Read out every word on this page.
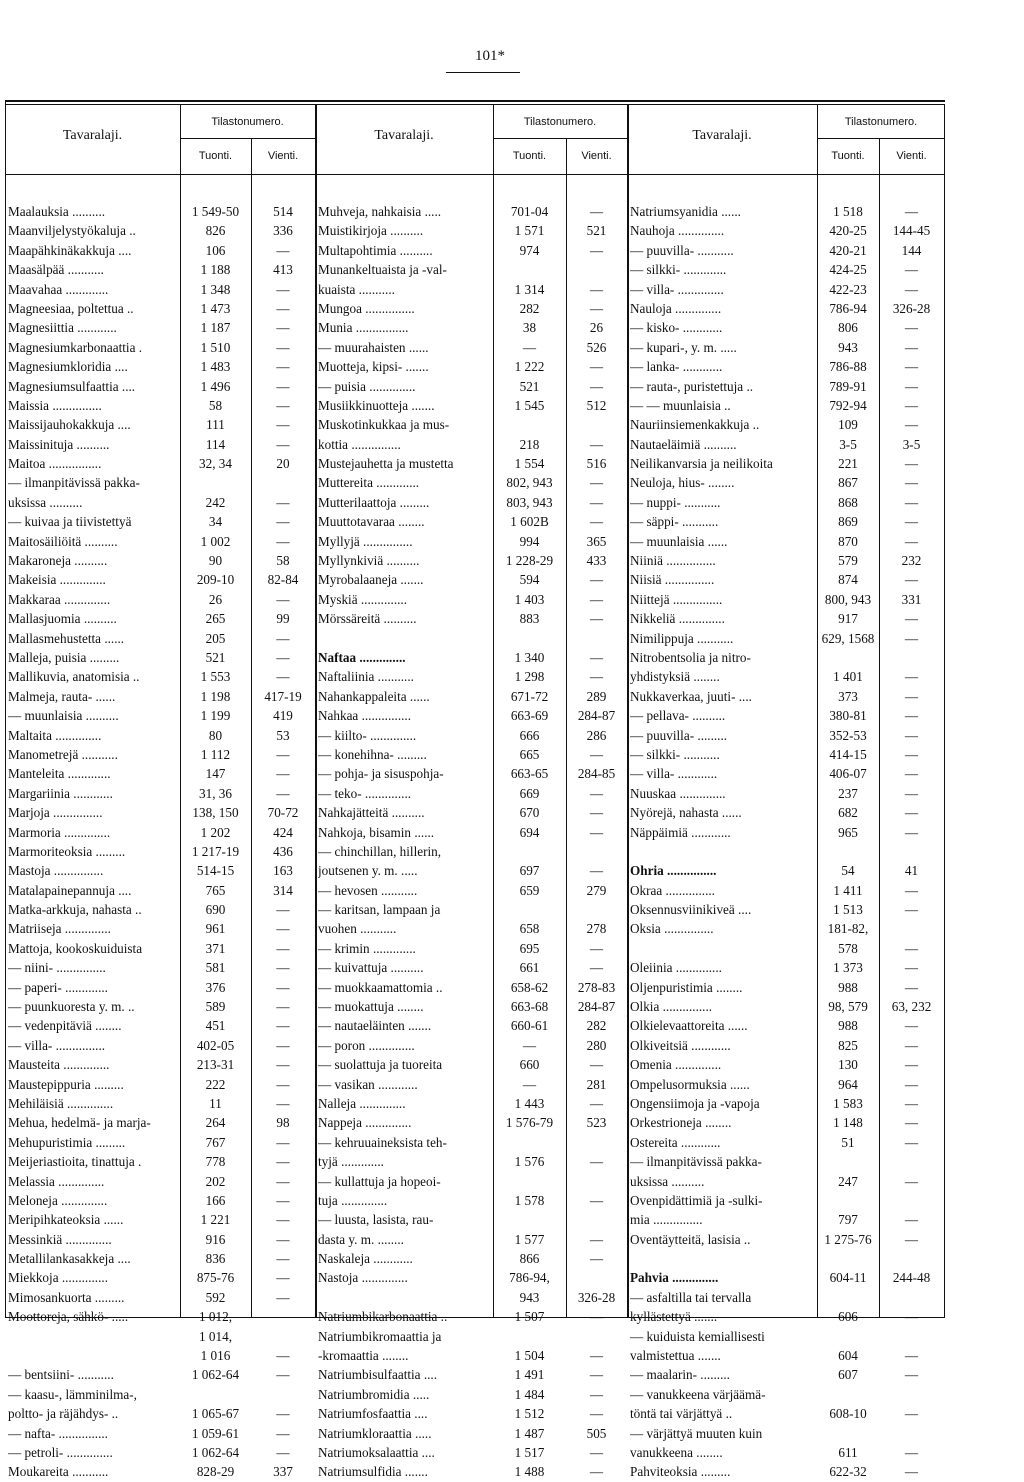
101*
Tavaralaji.
Tilastonumero.
Tuonti.	Vienti.
Tavaralaji.
Tilastonumero.
Tuonti.	Vienti.
Tavaralaji.
Tilastonumero.
Tuonti.	Vienti.
Maalauksia ..........	1 549-50	514
Maanviljelystyökaluja ..	826	336
Maapähkinäkakkuja ....	106	—
Maasälpää ...........	1 188	413
Maavahaa .............	1 348	—
Magneesiaa, poltettua ..	1 473	—
Magnesiittia ............	1 187	—
Magnesiumkarbonaattia .	1 510	—
Magnesiumkloridia ....	1 483	—
Magnesiumsulfaattia ....	1 496	—
Maissia ...............	58	—
Maissijauhokakkuja ....	111	—
Maissinituja ..........	114	—
Maitoa ................	32, 34	20
— ilmanpitävissä pakka-
uksissa ..........	242	—
— kuivaa ja tiivistettyä	34	—
Maitosäiliöitä ..........	1 002	—
Makaroneja ..........	90	58
Makeisia ..............	209-10	82-84
Makkaraa ..............	26	—
Mallasjuomia ..........	265	99
Mallasmehustetta ......	205	—
Malleja, puisia .........	521	—
Mallikuvia, anatomisia ..	1 553	—
Malmeja, rauta- ......	1 198	417-19
— muunlaisia ..........	1 199	419
Maltaita ..............	80	53
Manometrejä ...........	1 112	—
Manteleita .............	147	—
Margariinia ............	31, 36	—
Marjoja ...............	138, 150	70-72
Marmoria ..............	1 202	424
Marmoriteoksia .........	1 217-19	436
Mastoja ...............	514-15	163
Matalapainepannuja ....	765	314
Matka-arkkuja, nahasta ..	690	—
Matriiseja ..............	961	—
Mattoja, kookoskuiduista	371	—
— niini- ...............	581	—
— paperi- .............	376	—
— puunkuoresta y. m. ..	589	—
— vedenpitäviä ........	451	—
— villa- ...............	402-05	—
Mausteita ..............	213-31	—
Maustepippuria .........	222	—
Mehiläisiä ..............	11	—
Mehua, hedelmä- ja marja-	264	98
Mehupuristimia .........	767	—
Meijeriastioita, tinattuja .	778	—
Melassia ..............	202	—
Meloneja ..............	166	—
Meripihkateoksia ......	1 221	—
Messinkiä ..............	916	—
Metallilankasakkeja ....	836	—
Miekkoja ..............	875-76	—
Mimosankuorta .........	592	—
Moottoreja, sähkö- .....	1 012,
1 014,
1 016	—
— bentsiini- ...........	1 062-64	—
— kaasu-, lämminilma-,
poltto- ja räjähdys- ..	1 065-67	—
— nafta- ...............	1 059-61	—
— petroli- ..............	1 062-64	—
Moukareita ...........	828-29	337
Muhveja, nahkaisia .....	701-04	—
Muistikirjoja ..........	1 571	521
Multapohtimia ..........	974	—
Munankeltuaista ja -val-
kuaista ...........	1 314	—
Mungoa ...............	282	—
Munia ................	38	26
— muurahaisten ......	—	526
Muotteja, kipsi- .......	1 222	—
— puisia ..............	521	—
Musiikkinuotteja .......	1 545	512
Muskotinkukkaa ja mus-
kottia ...............	218	—
Mustejauhetta ja mustetta	1 554	516
Muttereita .............	802, 943	—
Mutterilaattoja .........	803, 943	—
Muuttotavaraa ........	1 602B	—
Myllyjä ...............	994	365
Myllynkiviä ..........	1 228-29	433
Myrobalaaneja .......	594	—
Myskiä ..............	1 403	—
Mörssäreitä ..........	883	—
Naftaa ..............	1 340	—
Naftaliinia ...........	1 298	—
Nahankappaleita ......	671-72	289
Nahkaa ...............	663-69	284-87
— kiilto- ..............	666	286
— konehihna- .........	665	—
— pohja- ja sisuspohja-	663-65	284-85
— teko- ..............	669	—
Nahkajätteitä ..........	670	—
Nahkoja, bisamin ......	694	—
— chinchillan, hillerin,
joutsenen y. m. .....	697	—
— hevosen ...........	659	279
— karitsan, lampaan ja
vuohen ...........	658	278
— krimin .............	695	—
— kuivattuja ..........	661	—
— muokkaamattomia ..	658-62	278-83
— muokattuja ........	663-68	284-87
— nautaeläinten .......	660-61	282
— poron ..............	—	280
— suolattuja ja tuoreita	660	—
— vasikan ............	—	281
Nalleja ..............	1 443	—
Nappeja ..............	1 576-79	523
— kehruuaineksista teh-
tyjä .............	1 576	—
— kullattuja ja hopeoi-
tuja ..............	1 578	—
— luusta, lasista, rau-
dasta y. m. ........	1 577	—
Naskaleja ............	866	—
Nastoja ..............	786-94,
943	326-28
Natriumbikarbonaattia ..	1 507	—
Natriumbikromaattia ja
-kromaattia ........	1 504	—
Natriumbisulfaattia ....	1 491	—
Natriumbromidia .....	1 484	—
Natriumfosfaattia ....	1 512	—
Natriumkloraattia .....	1 487	505
Natriumoksalaattia ....	1 517	—
Natriumsulfidia .......	1 488	—
Natriumsyanidia ......	1 518	—
Nauhoja ..............	420-25	144-45
— puuvilla- ...........	420-21	144
— silkki- .............	424-25	—
— villa- ..............	422-23	—
Nauloja ..............	786-94	326-28
— kisko- ............	806	—
— kupari-, y. m. .....	943	—
— lanka- ............	786-88	—
— rauta-, puristettuja ..	789-91	—
— — muunlaisia ..	792-94	—
Nauriinsiemenkakkuja ..	109	—
Nautaeläimiä ..........	3-5	3-5
Neilikanvarsia ja neilikoita	221	—
Neuloja, hius- ........	867	—
— nuppi- ...........	868	—
— säppi- ...........	869	—
— muunlaisia ......	870	—
Niiniä ...............	579	232
Niisiä ...............	874	—
Niittejä ...............	800, 943	331
Nikkeliä ..............	917	—
Nimilippuja ...........	629, 1568	—
Nitrobentsolia ja nitro-
yhdistyksiä ........	1 401	—
Nukkaverkaa, juuti- ....	373	—
— pellava- ..........	380-81	—
— puuvilla- .........	352-53	—
— silkki- ...........	414-15	—
— villa- ............	406-07	—
Nuuskaa ..............	237	—
Nyörejä, nahasta ......	682	—
Näppäimiä ............	965	—
Ohria ...............	54	41
Okraa ...............	1 411	—
Oksennusviinikiveä ....	1 513	—
Oksia ...............	181-82,
578	—
Oleiinia ..............	1 373	—
Oljenpuristimia ........	988	—
Olkia ...............	98, 579	63, 232
Olkielevaattoreita ......	988	—
Olkiveitsiä ............	825	—
Omenia ..............	130	—
Ompelusormuksia ......	964	—
Ongensiimoja ja -vapoja	1 583	—
Orkestrioneja ........	1 148	—
Ostereita ............	51	—
— ilmanpitävissä pakka-
uksissa ..........	247	—
Ovenpidättimiä ja -sulki-
mia ...............	797	—
Oventäytteitä, lasisia ..	1 275-76	—
Pahvia ..............	604-11	244-48
— asfaltilla tai tervalla
kyllästettyä .......	606	—
— kuiduista kemiallisesti
valmistettua .......	604	—
— maalarin- .........	607	—
— vanukkeena värjäämä-
töntä tai värjättyä ..	608-10	—
— värjättyä muuten kuin
vanukkeena ........	611	—
Pahviteoksia .........	622-32	—
